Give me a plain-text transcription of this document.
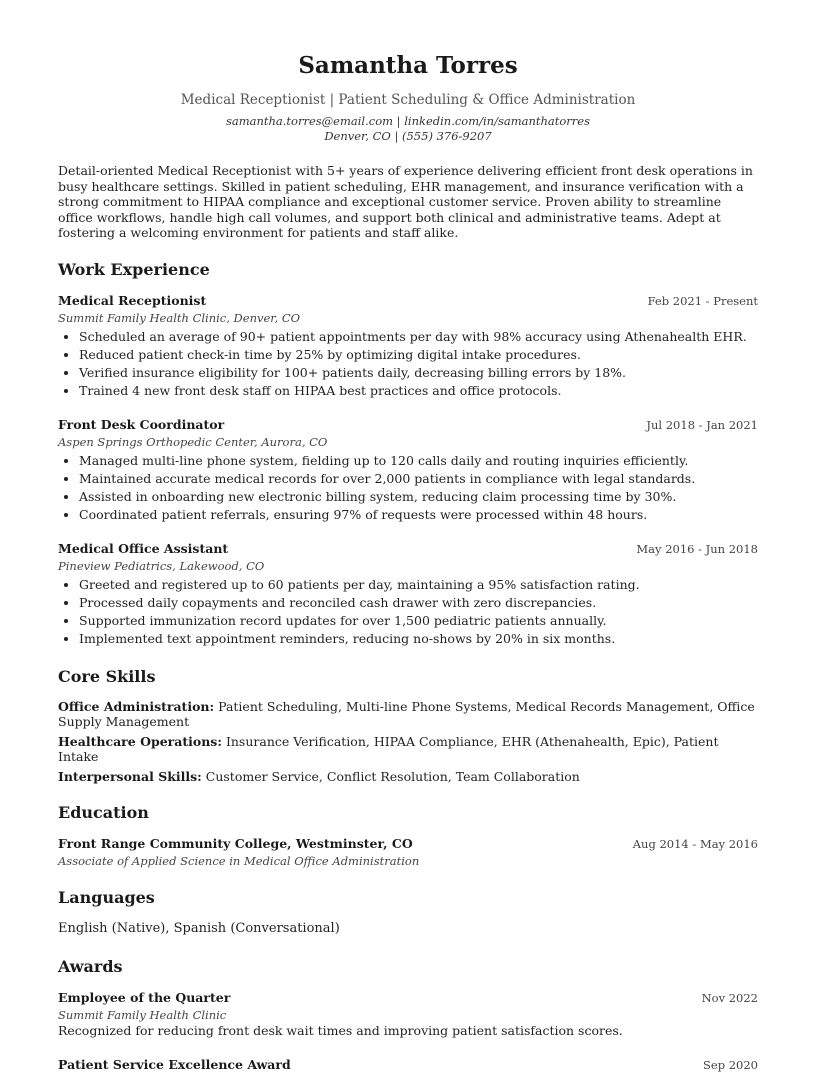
Samantha Torres
Medical Receptionist | Patient Scheduling & Office Administration
samantha.torres@email.com | linkedin.com/in/samanthatorres
Denver, CO | (555) 376-9207
Detail-oriented Medical Receptionist with 5+ years of experience delivering efficient front desk operations in busy healthcare settings. Skilled in patient scheduling, EHR management, and insurance verification with a strong commitment to HIPAA compliance and exceptional customer service. Proven ability to streamline office workflows, handle high call volumes, and support both clinical and administrative teams. Adept at fostering a welcoming environment for patients and staff alike.
Work Experience
Medical Receptionist	Feb 2021 - Present
Summit Family Health Clinic, Denver, CO
• Scheduled an average of 90+ patient appointments per day with 98% accuracy using Athenahealth EHR.
• Reduced patient check-in time by 25% by optimizing digital intake procedures.
• Verified insurance eligibility for 100+ patients daily, decreasing billing errors by 18%.
• Trained 4 new front desk staff on HIPAA best practices and office protocols.
Front Desk Coordinator	Jul 2018 - Jan 2021
Aspen Springs Orthopedic Center, Aurora, CO
• Managed multi-line phone system, fielding up to 120 calls daily and routing inquiries efficiently.
• Maintained accurate medical records for over 2,000 patients in compliance with legal standards.
• Assisted in onboarding new electronic billing system, reducing claim processing time by 30%.
• Coordinated patient referrals, ensuring 97% of requests were processed within 48 hours.
Medical Office Assistant	May 2016 - Jun 2018
Pineview Pediatrics, Lakewood, CO
• Greeted and registered up to 60 patients per day, maintaining a 95% satisfaction rating.
• Processed daily copayments and reconciled cash drawer with zero discrepancies.
• Supported immunization record updates for over 1,500 pediatric patients annually.
• Implemented text appointment reminders, reducing no-shows by 20% in six months.
Core Skills
Office Administration: Patient Scheduling, Multi-line Phone Systems, Medical Records Management, Office Supply Management
Healthcare Operations: Insurance Verification, HIPAA Compliance, EHR (Athenahealth, Epic), Patient Intake
Interpersonal Skills: Customer Service, Conflict Resolution, Team Collaboration
Education
Front Range Community College, Westminster, CO	Aug 2014 - May 2016
Associate of Applied Science in Medical Office Administration
Languages
English (Native), Spanish (Conversational)
Awards
Employee of the Quarter	Nov 2022
Summit Family Health Clinic
Recognized for reducing front desk wait times and improving patient satisfaction scores.
Patient Service Excellence Award	Sep 2020
